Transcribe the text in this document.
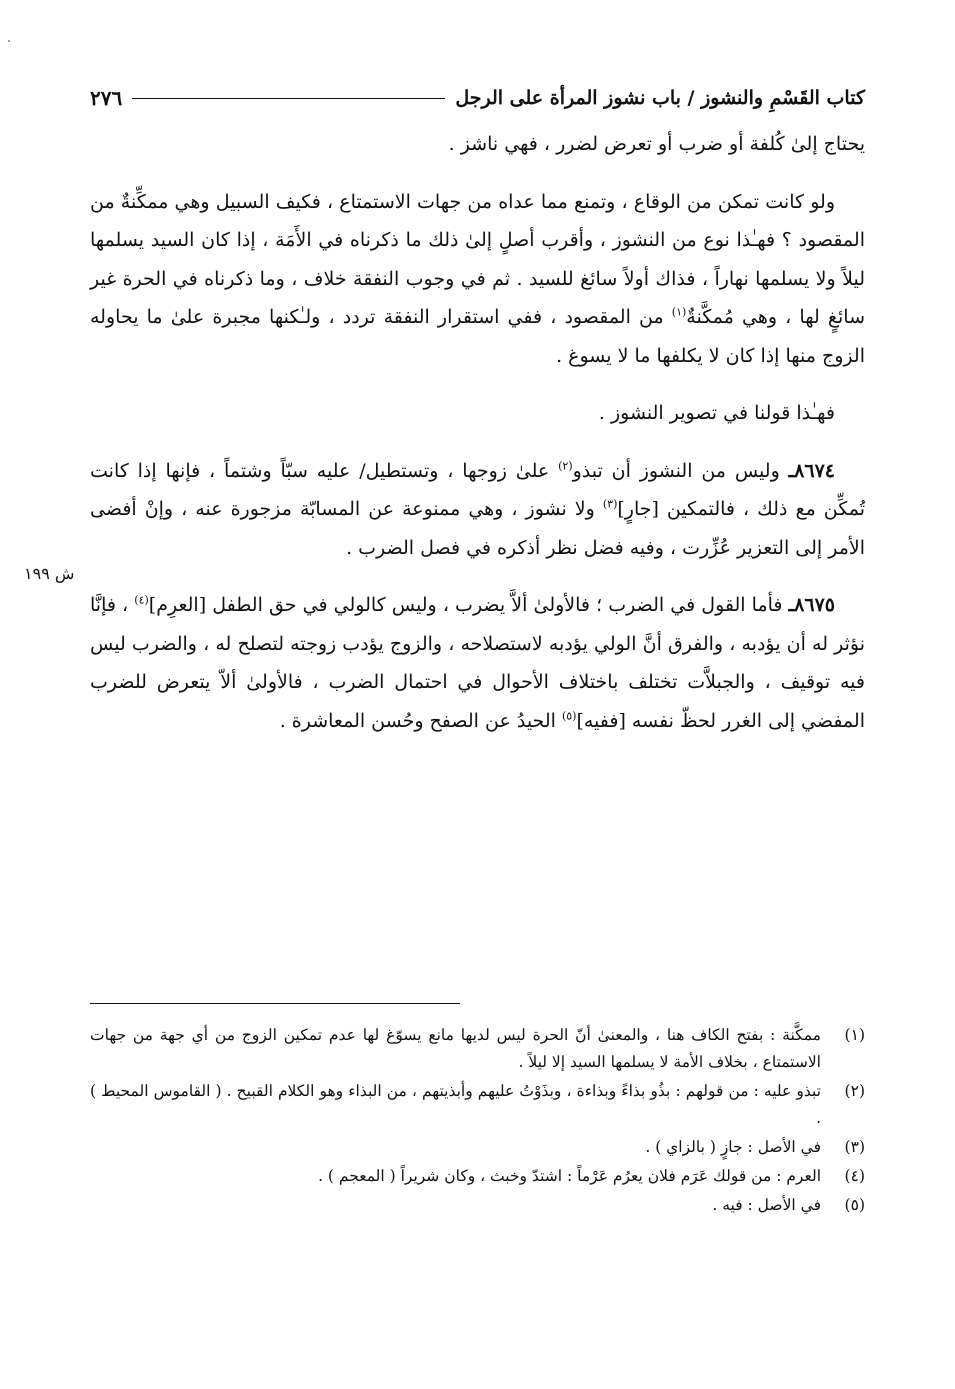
كتاب القَسْمِ والنشوز / باب نشوز المرأة على الرجل
٢٧٦
ش ١٩٩

يحتاج إلىٰ كُلفة أو ضرب أو تعرض لضرر ، فهي ناشز .

ولو كانت تمكن من الوقاع ، وتمنع مما عداه من جهات الاستمتاع ، فكيف السبيل وهي ممكِّنةٌ من المقصود ؟ فهـٰذا نوع من النشوز ، وأقرب أصلٍ إلىٰ ذلك ما ذكرناه في الأَمَة ، إذا كان السيد يسلمها ليلاً ولا يسلمها نهاراً ، فذاك أولاً سائغ للسيد . ثم في وجوب النفقة خلاف ، وما ذكرناه في الحرة غير سائغٍ لها ، وهي مُمكَّنةٌ$^{(١)}$ من المقصود ، ففي استقرار النفقة تردد ، ولـٰكنها مجبرة علىٰ ما يحاوله الزوج منها إذا كان لا يكلفها ما لا يسوغ .

فهـٰذا قولنا في تصوير النشوز .

٨٦٧٤ـ وليس من النشوز أن تبذو$^{(٢)}$ علىٰ زوجها ، وتستطيل/ عليه سبّاً وشتماً ، فإنها إذا كانت تُمكِّن مع ذلك ، فالتمكين [جارٍ]$^{(٣)}$ ولا نشوز ، وهي ممنوعة عن المسابّة مزجورة عنه ، وإنْ أفضى الأمر إلى التعزير عُزِّرت ، وفيه فضل نظر أذكره في فصل الضرب .

٨٦٧٥ـ فأما القول في الضرب ؛ فالأولىٰ ألاَّ يضرب ، وليس كالولي في حق الطفل [العرِم]$^{(٤)}$ ، فإنَّا نؤثر له أن يؤدبه ، والفرق أنَّ الولي يؤدبه لاستصلاحه ، والزوج يؤدب زوجته لتصلح له ، والضرب ليس فيه توقيف ، والجبلاَّت تختلف باختلاف الأحوال في احتمال الضرب ، فالأولىٰ ألاّ يتعرض للضرب المفضي إلى الغرر لحظّ نفسه [ففيه]$^{(٥)}$ الحيدُ عن الصفح وحُسن المعاشرة .

(١)
ممكَّنة : بفتح الكاف هنا ، والمعنىٰ أنّ الحرة ليس لديها مانع يسوّغ لها عدم تمكين الزوج من أي جهة من جهات الاستمتاع ، بخلاف الأمة لا يسلمها السيد إلا ليلاً .
(٢)
تبذو عليه : من قولهم : بذُو بذاءً وبذاءة ، وبذَوْتُ عليهم وأبذيتهم ، من البذاء وهو الكلام القبيح . ( القاموس المحيط ) .
(٣)
في الأصل : جازٍ ( بالزاي ) .
(٤)
العرم : من قولك عَرَم فلان يعرُم عَرْماً : اشتدّ وخبث ، وكان شريراً ( المعجم ) .
(٥)
في الأصل : فيه .
